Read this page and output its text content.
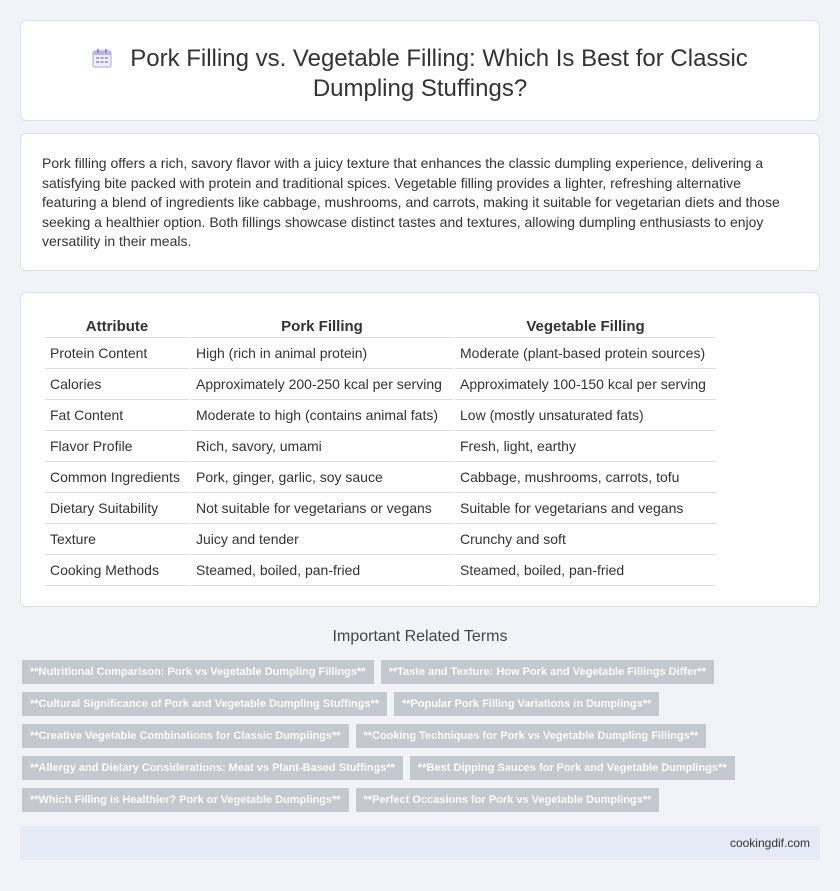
Pork Filling vs. Vegetable Filling: Which Is Best for Classic Dumpling Stuffings?

Pork filling offers a rich, savory flavor with a juicy texture that enhances the classic dumpling experience, delivering a satisfying bite packed with protein and traditional spices. Vegetable filling provides a lighter, refreshing alternative featuring a blend of ingredients like cabbage, mushrooms, and carrots, making it suitable for vegetarian diets and those seeking a healthier option. Both fillings showcase distinct tastes and textures, allowing dumpling enthusiasts to enjoy versatility in their meals.

Attribute	Pork Filling	Vegetable Filling
Protein Content	High (rich in animal protein)	Moderate (plant-based protein sources)
Calories	Approximately 200-250 kcal per serving	Approximately 100-150 kcal per serving
Fat Content	Moderate to high (contains animal fats)	Low (mostly unsaturated fats)
Flavor Profile	Rich, savory, umami	Fresh, light, earthy
Common Ingredients	Pork, ginger, garlic, soy sauce	Cabbage, mushrooms, carrots, tofu
Dietary Suitability	Not suitable for vegetarians or vegans	Suitable for vegetarians and vegans
Texture	Juicy and tender	Crunchy and soft
Cooking Methods	Steamed, boiled, pan-fried	Steamed, boiled, pan-fried
Important Related Terms
**Nutritional Comparison: Pork vs Vegetable Dumpling Fillings**	**Taste and Texture: How Pork and Vegetable Fillings Differ**
**Cultural Significance of Pork and Vegetable Dumpling Stuffings**	**Popular Pork Filling Variations in Dumplings**
**Creative Vegetable Combinations for Classic Dumplings**	**Cooking Techniques for Pork vs Vegetable Dumpling Fillings**
**Allergy and Dietary Considerations: Meat vs Plant-Based Stuffings**	**Best Dipping Sauces for Pork and Vegetable Dumplings**
**Which Filling is Healthier? Pork or Vegetable Dumplings**	**Perfect Occasions for Pork vs Vegetable Dumplings**
cookingdif.com
